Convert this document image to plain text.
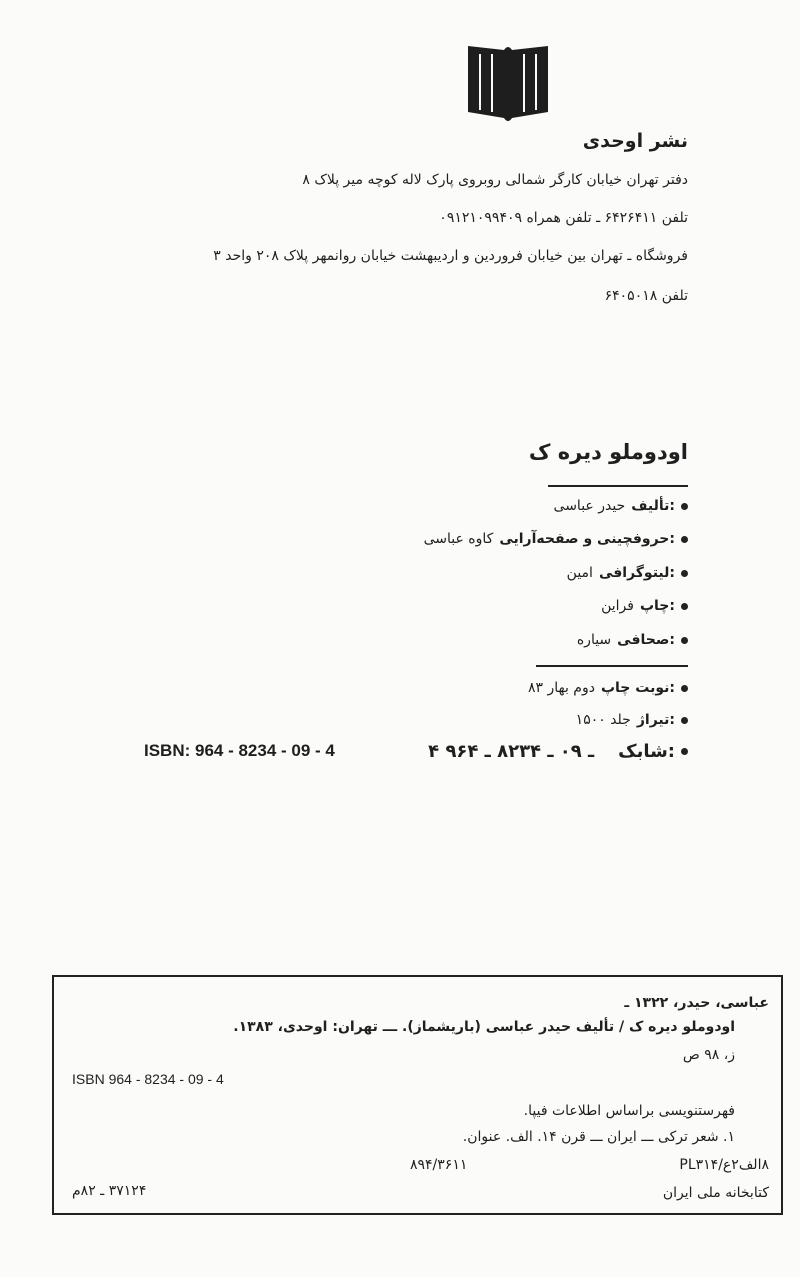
نشر اوحدی
دفتر تهران خیابان کارگر شمالی روبروی پارک لاله کوچه میر پلاک ۸
تلفن ۶۴۲۶۴۱۱ ـ تلفن همراه ۰۹۱۲۱۰۹۹۴۰۹
فروشگاه ـ تهران بین خیابان فروردین و اردیبهشت خیابان روانمهر پلاک ۲۰۸ واحد ۳
تلفن ۶۴۰۵۰۱۸
اودوملو دیره ک
تألیف:
حیدر عباسی
حروفچینی و صفحه‌آرایی:
کاوه عباسی
لیتوگرافی:
امین
چاپ:
فراین
صحافی:
سیاره
نوبت چاپ:
دوم بهار ۸۳
تیراژ:
۱۵۰۰ جلد
شابک:
۴ ـ ۰۹ ـ ۸۲۳۴ ـ ۹۶۴
ISBN: 964 - 8234 - 09 - 4
عباسی، حیدر، ۱۳۲۲ ـ
اودوملو دیره ک / تألیف حیدر عباسی (باریشماز). ـــ تهران: اوحدی، ۱۳۸۳.
ز، ۹۸ ص
ISBN 964 - 8234 - 09 - 4
فهرستنویسی براساس اطلاعات فیپا.
۱. شعر ترکی ـــ ایران ـــ قرن ۱۴. الف. عنوان.
۸الف۲ع/PL۳۱۴
۸۹۴/۳۶۱۱
کتابخانه ملی ایران
۳۷۱۲۴ ـ ۸۲م
